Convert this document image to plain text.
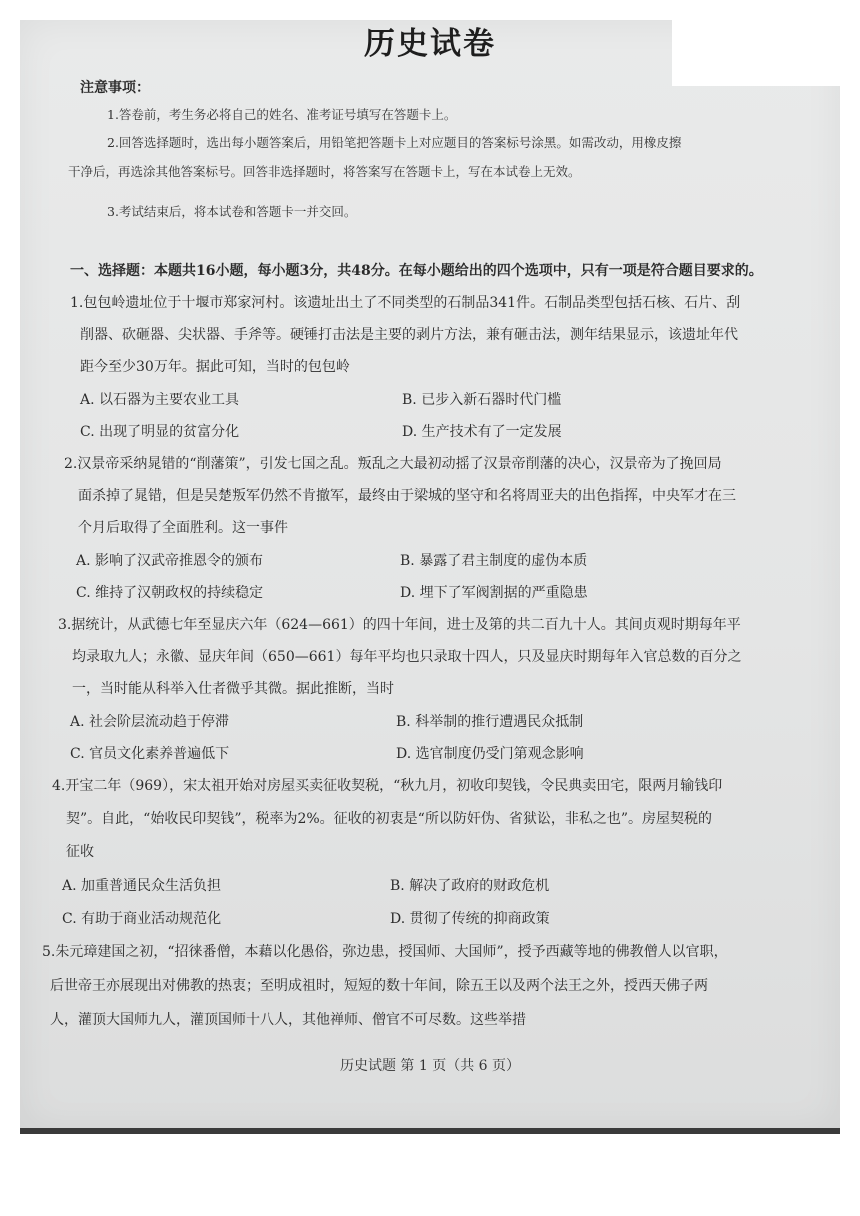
历史试卷
注意事项：
1.答卷前，考生务必将自己的姓名、准考证号填写在答题卡上。
2.回答选择题时，选出每小题答案后，用铅笔把答题卡上对应题目的答案标号涂黑。如需改动，用橡皮擦
干净后，再选涂其他答案标号。回答非选择题时，将答案写在答题卡上，写在本试卷上无效。
3.考试结束后，将本试卷和答题卡一并交回。
一、选择题：本题共16小题，每小题3分，共48分。在每小题给出的四个选项中，只有一项是符合题目要求的。
1.包包岭遗址位于十堰市郑家河村。该遗址出土了不同类型的石制品341件。石制品类型包括石核、石片、刮
削器、砍砸器、尖状器、手斧等。硬锤打击法是主要的剥片方法，兼有砸击法，测年结果显示，该遗址年代
距今至少30万年。据此可知，当时的包包岭
A. 以石器为主要农业工具	B. 已步入新石器时代门槛
C. 出现了明显的贫富分化	D. 生产技术有了一定发展
2.汉景帝采纳晁错的“削藩策”，引发七国之乱。叛乱之大最初动摇了汉景帝削藩的决心，汉景帝为了挽回局
面杀掉了晁错，但是吴楚叛军仍然不肯撤军，最终由于梁城的坚守和名将周亚夫的出色指挥，中央军才在三
个月后取得了全面胜利。这一事件
A. 影响了汉武帝推恩令的颁布	B. 暴露了君主制度的虚伪本质
C. 维持了汉朝政权的持续稳定	D. 埋下了军阀割据的严重隐患
3.据统计，从武德七年至显庆六年（624—661）的四十年间，进士及第的共二百九十人。其间贞观时期每年平
均录取九人；永徽、显庆年间（650—661）每年平均也只录取十四人，只及显庆时期每年入官总数的百分之
一，当时能从科举入仕者微乎其微。据此推断，当时
A. 社会阶层流动趋于停滞	B. 科举制的推行遭遇民众抵制
C. 官员文化素养普遍低下	D. 选官制度仍受门第观念影响
4.开宝二年（969），宋太祖开始对房屋买卖征收契税，“秋九月，初收印契钱，令民典卖田宅，限两月输钱印
契”。自此，“始收民印契钱”，税率为2%。征收的初衷是“所以防奸伪、省狱讼，非私之也”。房屋契税的
征收
A. 加重普通民众生活负担	B. 解决了政府的财政危机
C. 有助于商业活动规范化	D. 贯彻了传统的抑商政策
5.朱元璋建国之初，“招徕番僧，本藉以化愚俗，弥边患，授国师、大国师”，授予西藏等地的佛教僧人以官职，
后世帝王亦展现出对佛教的热衷；至明成祖时，短短的数十年间，除五王以及两个法王之外，授西天佛子两
人，灌顶大国师九人，灌顶国师十八人，其他禅师、僧官不可尽数。这些举措
历史试题 第 1 页（共 6 页）
